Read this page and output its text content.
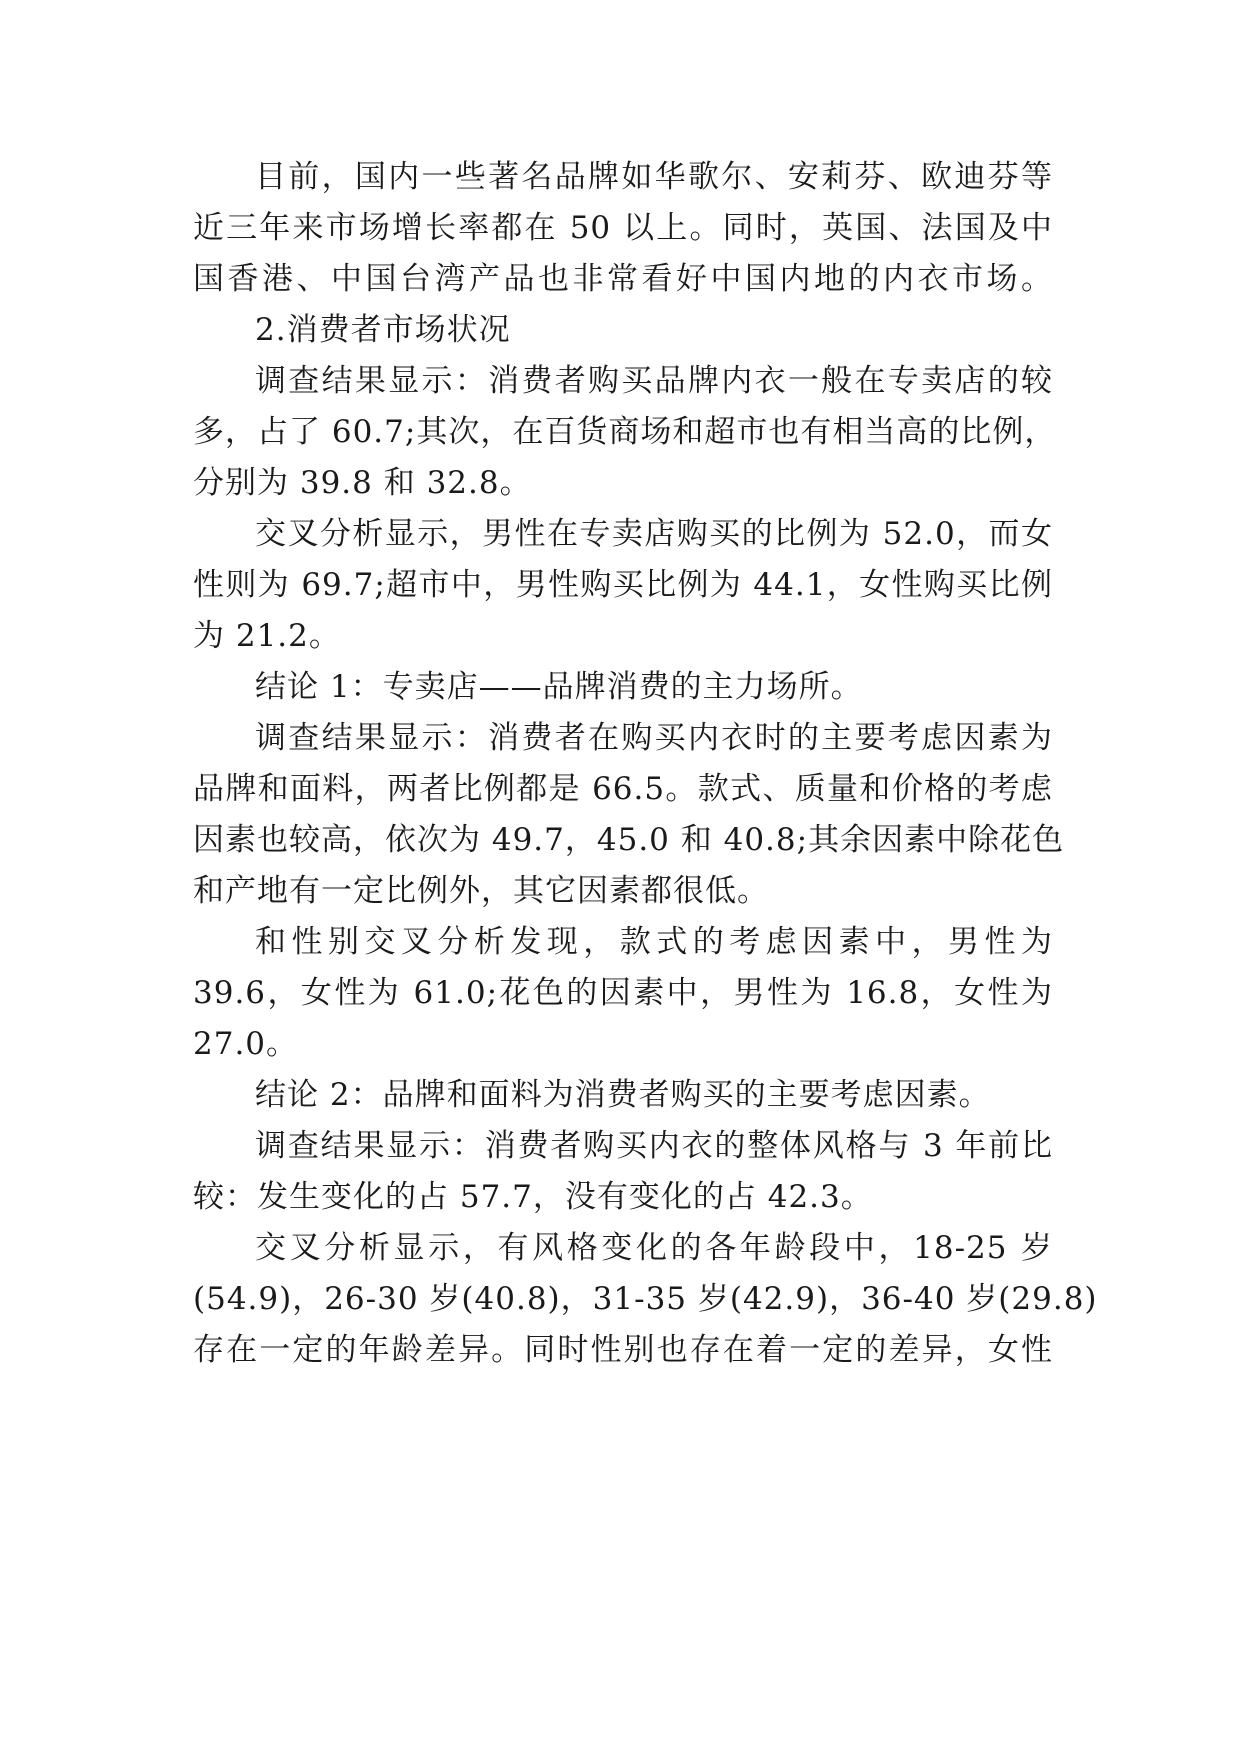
目前，国内一些著名品牌如华歌尔、安莉芬、欧迪芬等
近三年来市场增长率都在 50 以上。同时，英国、法国及中
国香港、中国台湾产品也非常看好中国内地的内衣市场。
2.消费者市场状况
调查结果显示：消费者购买品牌内衣一般在专卖店的较
多，占了 60.7;其次，在百货商场和超市也有相当高的比例，
分别为 39.8 和 32.8。
交叉分析显示，男性在专卖店购买的比例为 52.0，而女
性则为 69.7;超市中，男性购买比例为 44.1，女性购买比例
为 21.2。
结论 1：专卖店——品牌消费的主力场所。
调查结果显示：消费者在购买内衣时的主要考虑因素为
品牌和面料，两者比例都是 66.5。款式、质量和价格的考虑
因素也较高，依次为 49.7，45.0 和 40.8;其余因素中除花色
和产地有一定比例外，其它因素都很低。
和性别交叉分析发现，款式的考虑因素中，男性为
39.6，女性为 61.0;花色的因素中，男性为 16.8，女性为
27.0。
结论 2：品牌和面料为消费者购买的主要考虑因素。
调查结果显示：消费者购买内衣的整体风格与 3 年前比
较：发生变化的占 57.7，没有变化的占 42.3。
交叉分析显示，有风格变化的各年龄段中，18-25 岁
(54.9)，26-30 岁(40.8)，31-35 岁(42.9)，36-40 岁(29.8)
存在一定的年龄差异。同时性别也存在着一定的差异，女性
